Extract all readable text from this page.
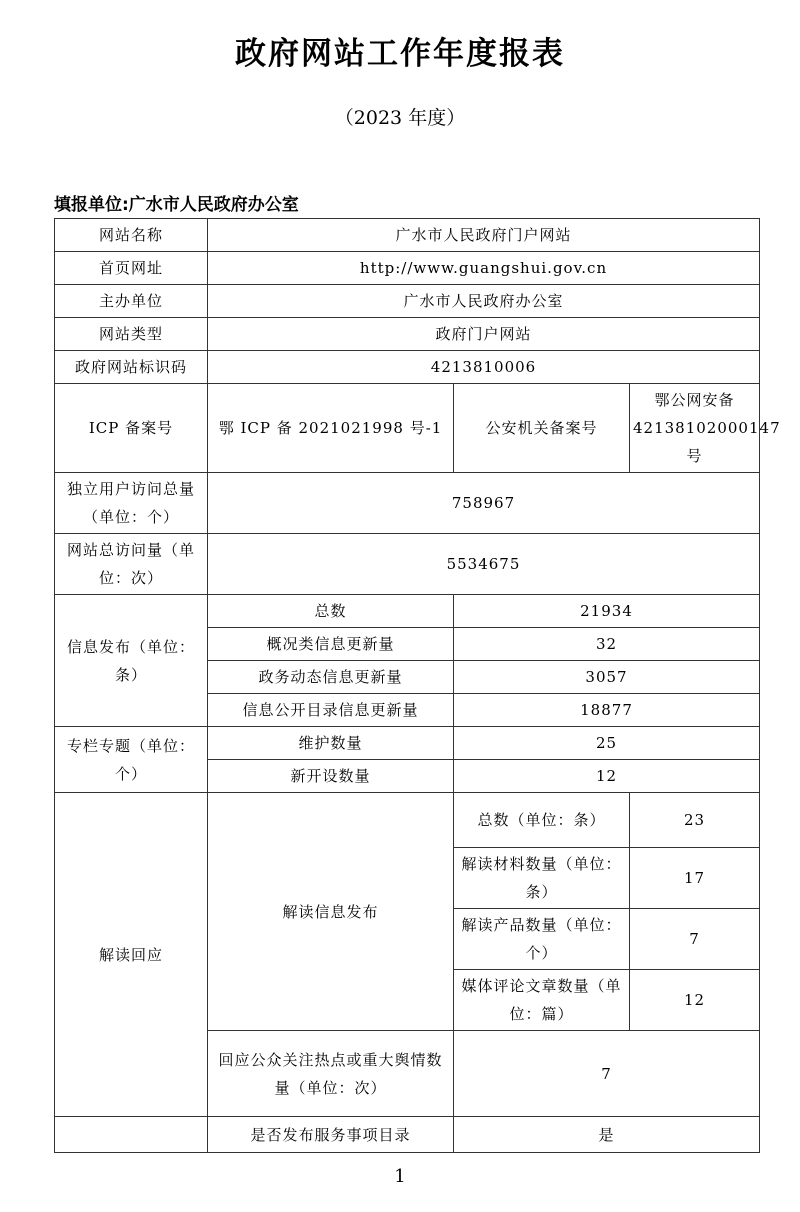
政府网站工作年度报表
（2023 年度）
填报单位:广水市人民政府办公室
网站名称	广水市人民政府门户网站		
首页网址	http://www.guangshui.gov.cn		
主办单位	广水市人民政府办公室		
网站类型	政府门户网站		
政府网站标识码	4213810006		
ICP 备案号	鄂 ICP 备 2021021998 号-1	公安机关备案号	鄂公网安备 42138102000147 号
独立用户访问总量（单位：个）	758967		
网站总访问量（单位：次）	5534675		
信息发布（单位：条）	总数	21934	
	概况类信息更新量	32	
	政务动态信息更新量	3057	
	信息公开目录信息更新量	18877	
专栏专题（单位：个）	维护数量	25	
	新开设数量	12	
解读回应	解读信息发布	总数（单位：条）	23
		解读材料数量（单位：条）	17
		解读产品数量（单位：个）	7
		媒体评论文章数量（单位：篇）	12
	回应公众关注热点或重大舆情数量（单位：次）	7	
	是否发布服务事项目录	是	
1
